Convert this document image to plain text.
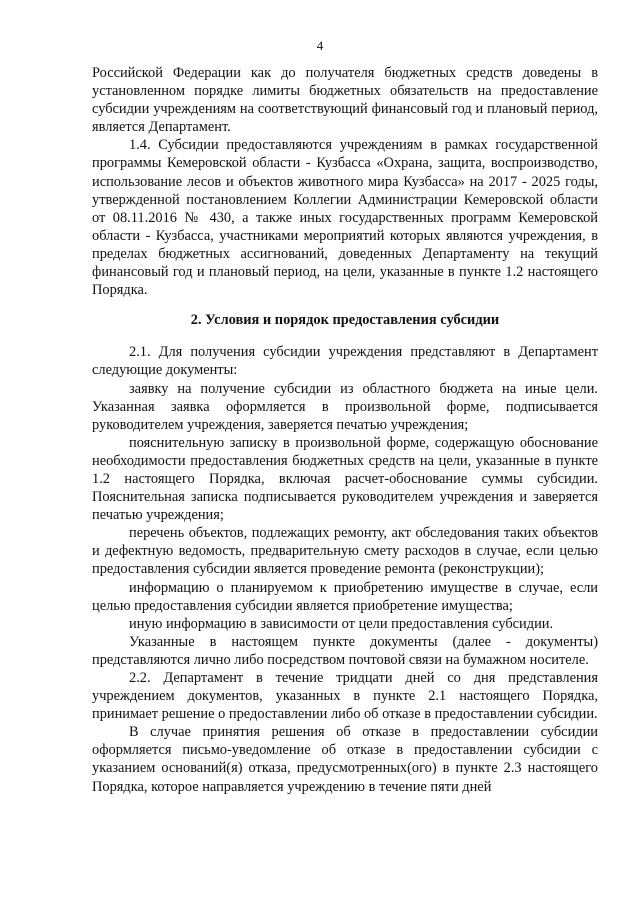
4

Российской Федерации как до получателя бюджетных средств доведены в установленном порядке лимиты бюджетных обязательств на предоставление субсидии учреждениям на соответствующий финансовый год и плановый период, является Департамент.

1.4. Субсидии предоставляются учреждениям в рамках государственной программы Кемеровской области - Кузбасса «Охрана, защита, воспроизводство, использование лесов и объектов животного мира Кузбасса» на 2017 - 2025 годы, утвержденной постановлением Коллегии Администрации Кемеровской области от 08.11.2016 № 430, а также иных государственных программ Кемеровской области - Кузбасса, участниками мероприятий которых являются учреждения, в пределах бюджетных ассигнований, доведенных Департаменту на текущий финансовый год и плановый период, на цели, указанные в пункте 1.2 настоящего Порядка.

2. Условия и порядок предоставления субсидии

2.1. Для получения субсидии учреждения представляют в Департамент следующие документы:

заявку на получение субсидии из областного бюджета на иные цели. Указанная заявка оформляется в произвольной форме, подписывается руководителем учреждения, заверяется печатью учреждения;

пояснительную записку в произвольной форме, содержащую обоснование необходимости предоставления бюджетных средств на цели, указанные в пункте 1.2 настоящего Порядка, включая расчет-обоснование суммы субсидии. Пояснительная записка подписывается руководителем учреждения и заверяется печатью учреждения;

перечень объектов, подлежащих ремонту, акт обследования таких объектов и дефектную ведомость, предварительную смету расходов в случае, если целью предоставления субсидии является проведение ремонта (реконструкции);

информацию о планируемом к приобретению имуществе в случае, если целью предоставления субсидии является приобретение имущества;

иную информацию в зависимости от цели предоставления субсидии.

Указанные в настоящем пункте документы (далее - документы) представляются лично либо посредством почтовой связи на бумажном носителе.

2.2. Департамент в течение тридцати дней со дня представления учреждением документов, указанных в пункте 2.1 настоящего Порядка, принимает решение о предоставлении либо об отказе в предоставлении субсидии.

В случае принятия решения об отказе в предоставлении субсидии оформляется письмо-уведомление об отказе в предоставлении субсидии с указанием оснований(я) отказа, предусмотренных(ого) в пункте 2.3 настоящего Порядка, которое направляется учреждению в течение пяти дней
